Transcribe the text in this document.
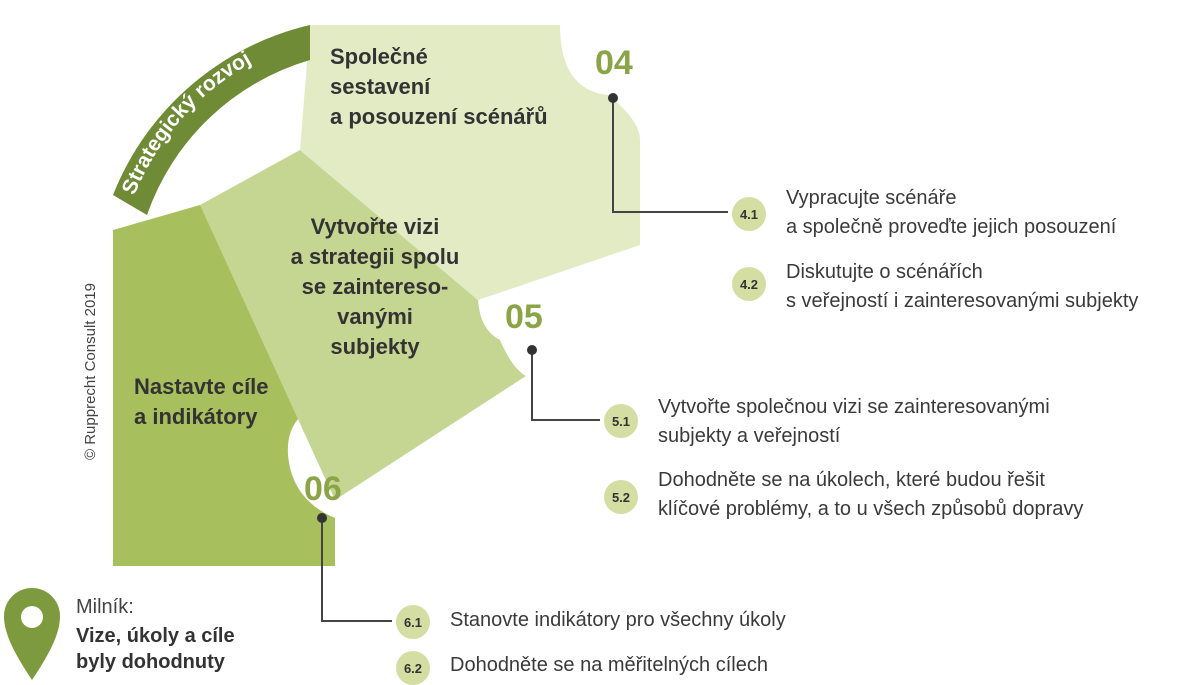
Strategický rozvoj	Společné
sestavení
a posouzení scénářů
Vytvořte vizi
a strategii spolu
se zaintereso-
vanými
subjekty
Nastavte cíle
a indikátory
04
05
06
© Rupprecht Consult 2019
4.1
Vypracujte scénáře
a společně proveďte jejich posouzení
4.2
Diskutujte o scénářích
s veřejností i zainteresovanými subjekty
5.1
Vytvořte společnou vizi se zainteresovanými
subjekty a veřejností
5.2
Dohodněte se na úkolech, které budou řešit
klíčové problémy, a to u všech způsobů dopravy
6.1	Stanovte indikátory pro všechny úkoly
6.2	Dohodněte se na měřitelných cílech
Milník:
Vize, úkoly a cíle
byly dohodnuty
